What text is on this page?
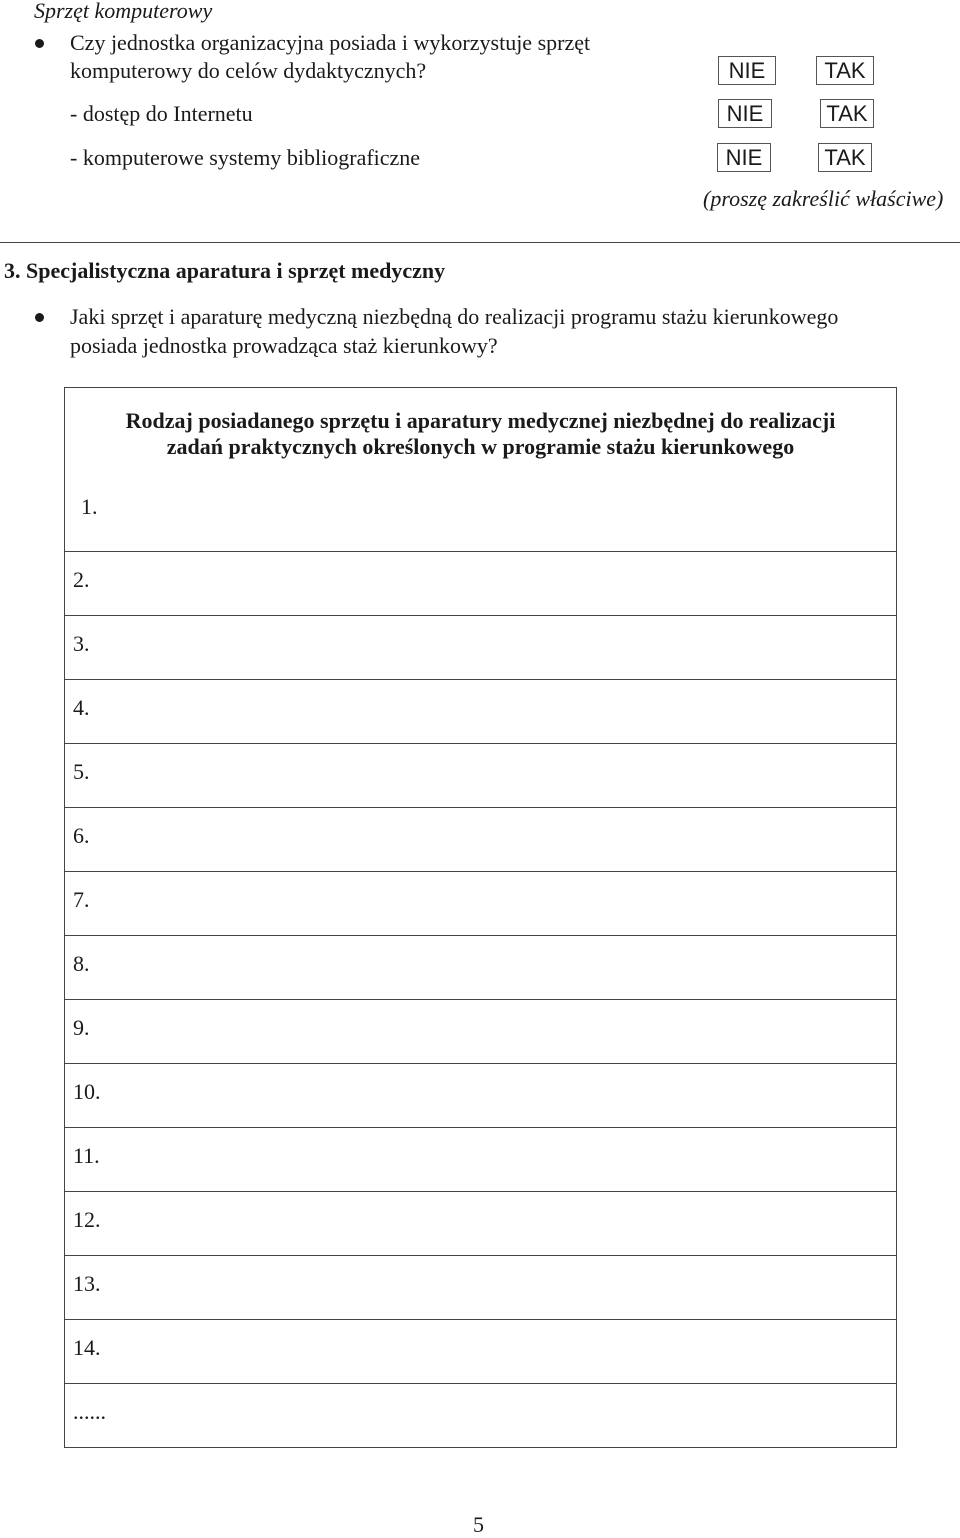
Sprzęt komputerowy
Czy jednostka organizacyjna posiada i wykorzystuje sprzęt
komputerowy do celów dydaktycznych?	NIE	TAK
- dostęp do Internetu	NIE	TAK
- komputerowe systemy bibliograficzne	NIE	TAK
(proszę zakreślić właściwe)
3. Specjalistyczna aparatura i sprzęt medyczny
Jaki sprzęt i aparaturę medyczną niezbędną do realizacji programu stażu kierunkowego
posiada jednostka prowadząca staż kierunkowy?
Rodzaj posiadanego sprzętu i aparatury medycznej niezbędnej do realizacji
zadań praktycznych określonych w programie stażu kierunkowego
1.

2.

3.

4.

5.

6.

7.

8.

9.

10.

11.

12.

13.

14.

......
5
